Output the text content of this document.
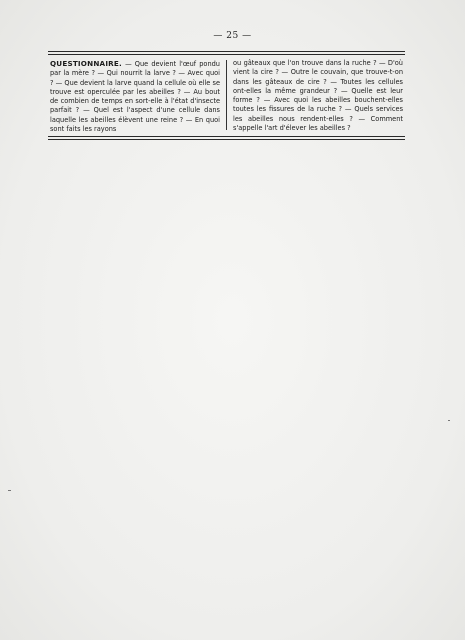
— 25 —
QUESTIONNAIRE. — Que devient l'œuf pondu par la mère ? — Qui nourrit la larve ? — Avec quoi ? — Que devient la larve quand la cellule où elle se trouve est operculée par les abeilles ? — Au bout de combien de temps en sort-elle à l'état d'insecte parfait ? — Quel est l'aspect d'une cellule dans laquelle les abeilles élèvent une reine ? — En quoi sont faits les rayons
ou gâteaux que l'on trouve dans la ruche ? — D'où vient la cire ? — Outre le couvain, que trouve-t-on dans les gâteaux de cire ? — Toutes les cellules ont-elles la même grandeur ? — Quelle est leur forme ? — Avec quoi les abeilles bouchent-elles toutes les fissures de la ruche ? — Quels services les abeilles nous rendent-elles ? — Comment s'appelle l'art d'élever les abeilles ?
